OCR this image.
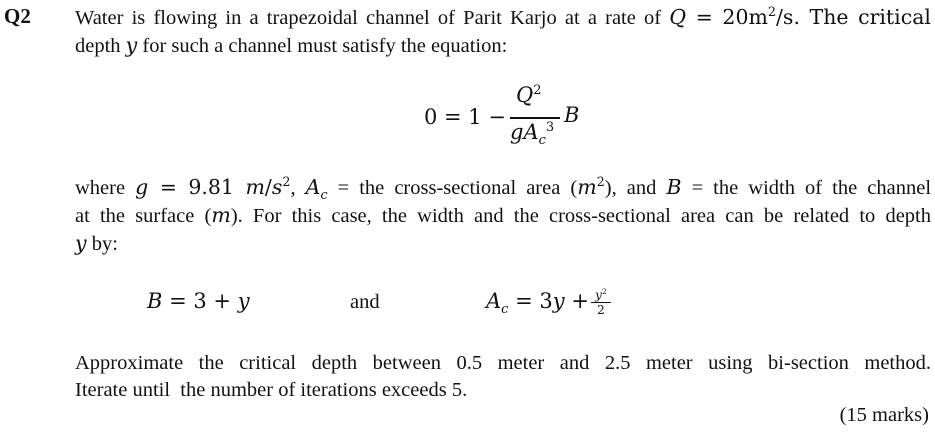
Q2 Water is flowing in a trapezoidal channel of Parit Karjo at a rate of $Q = 20m^2/s$. The critical
depth y for such a channel must satisfy the equation:
0 = 1 −
$Q^2$
$gA_c^3$
B
where g = 9.81 $m/s^2$, $A_c$ = the cross-sectional area $(m^2)$, and B = the width of the channel
at the surface (m). For this case, the width and the cross-sectional area can be related to depth
y by:
B = 3 + y	and	$A_c = 3y + \frac{y^2}{2}$
Approximate the critical depth between 0.5 meter and 2.5 meter using bi-section method.
Iterate until  the number of iterations exceeds 5.
(15 marks)
